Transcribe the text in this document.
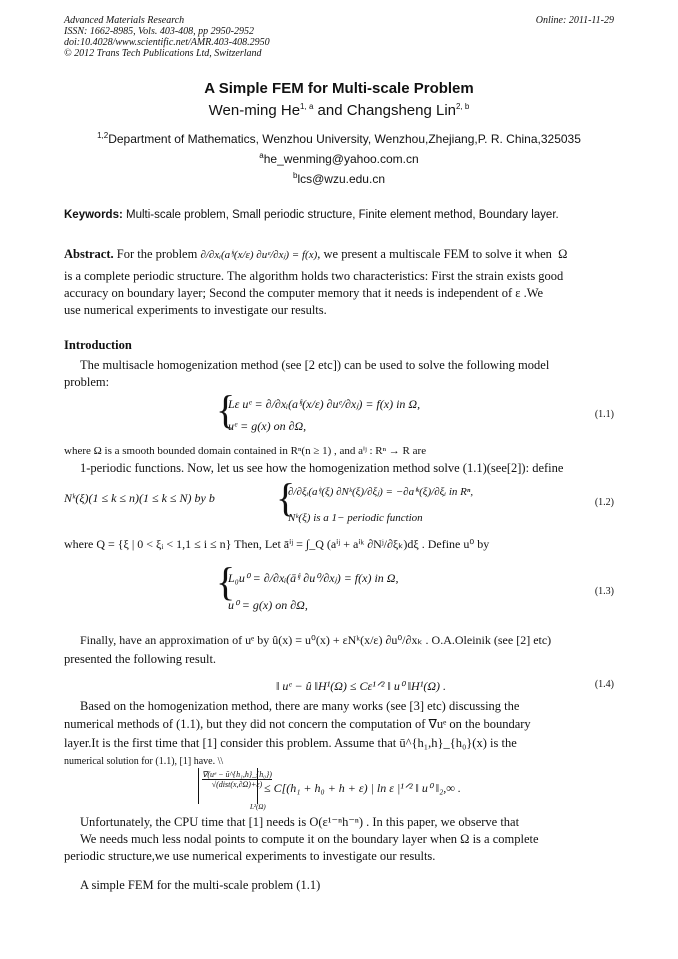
Advanced Materials Research
ISSN: 1662-8985, Vols. 403-408, pp 2950-2952
doi:10.4028/www.scientific.net/AMR.403-408.2950
© 2012 Trans Tech Publications Ltd, Switzerland
Online: 2011-11-29
A Simple FEM for Multi-scale Problem
Wen-ming He$^{1, a}$ and Changsheng Lin$^{2, b}$
$^{1,2}$Department of Mathematics, Wenzhou University, Wenzhou,Zhejiang,P. R. China,325035
$^a$he_wenming@yahoo.com.cn
$^b$lcs@wzu.edu.cn
Keywords: Multi-scale problem, Small periodic structure, Finite element method, Boundary layer.
Abstract. For the problem ∂/∂xᵢ(aⁱʲ(x/ε) ∂uᵉ/∂xⱼ) = f(x), we present a multiscale FEM to solve it when  Ω
is a complete periodic structure. The algorithm holds two characteristics: First the strain exists good
accuracy on boundary layer; Second the computer memory that it needs is independent of ε .We
use numerical experiments to investigate our results.
Introduction
The multisacle homogenization method (see [2 etc]) can be used to solve the following model
problem:
{
Lε uᵉ = ∂/∂xᵢ(aⁱʲ(x/ε) ∂uᵉ/∂xⱼ) = f(x) in Ω,
uᵉ = g(x) on ∂Ω,
(1.1)
where Ω is a smooth bounded domain contained in Rⁿ(n ≥ 1) , and aⁱʲ : Rⁿ → R are
1-periodic functions. Now, let us see how the homogenization method solve (1.1)(see[2]): define
Nᵏ(ξ)(1 ≤ k ≤ n)(1 ≤ k ≤ N) by b {
∂/∂ξᵢ(aⁱʲ(ξ) ∂Nᵏ(ξ)/∂ξⱼ) = −∂aⁱᵏ(ξ)/∂ξᵢ in Rⁿ,
Nᵏ(ξ) is a 1− periodic function
(1.2)
where Q = {ξ | 0 < ξᵢ < 1,1 ≤ i ≤ n} Then, Let āⁱʲ = ∫_Q (aⁱʲ + aⁱᵏ ∂Nʲ/∂ξₖ)dξ . Define u⁰ by
{
L₀u⁰ = ∂/∂xᵢ(āⁱʲ ∂u⁰/∂xⱼ) = f(x) in Ω,
u⁰ = g(x) on ∂Ω,
(1.3)
Finally, have an approximation of uᵉ by û(x) = u⁰(x) + εNᵏ(x/ε) ∂u⁰/∂xₖ . O.A.Oleinik (see [2] etc)
presented the following result.
‖ uᵉ − û ‖H¹(Ω) ≤ Cε¹ᐟ² ‖ u⁰ ‖H¹(Ω) .	(1.4)
Based on the homogenization method, there are many works (see [3] etc) discussing the
numerical methods of (1.1), but they did not concern the computation of ∇uᵉ on the boundary
layer.It is the first time that [1] consider this problem. Assume that ū^{h₁,h}_{h₀}(x) is the
numerical solution for (1.1), [1] have. \\
∇(uᵉ − ū^{h₁,h}_{h₀})
√(dist(x,∂Ω)+ε)
L²(Ω)
≤ C[(h₁ + h₀ + h + ε) | ln ε |¹ᐟ² ‖ u⁰ ‖₂,∞ .
Unfortunately, the CPU time that [1] needs is O(ε¹⁻ⁿh⁻ⁿ) . In this paper, we observe that
We needs much less nodal points to compute it on the boundary layer when Ω is a complete
periodic structure,we use numerical experiments to investigate our results.
A simple FEM for the multi-scale problem (1.1)
